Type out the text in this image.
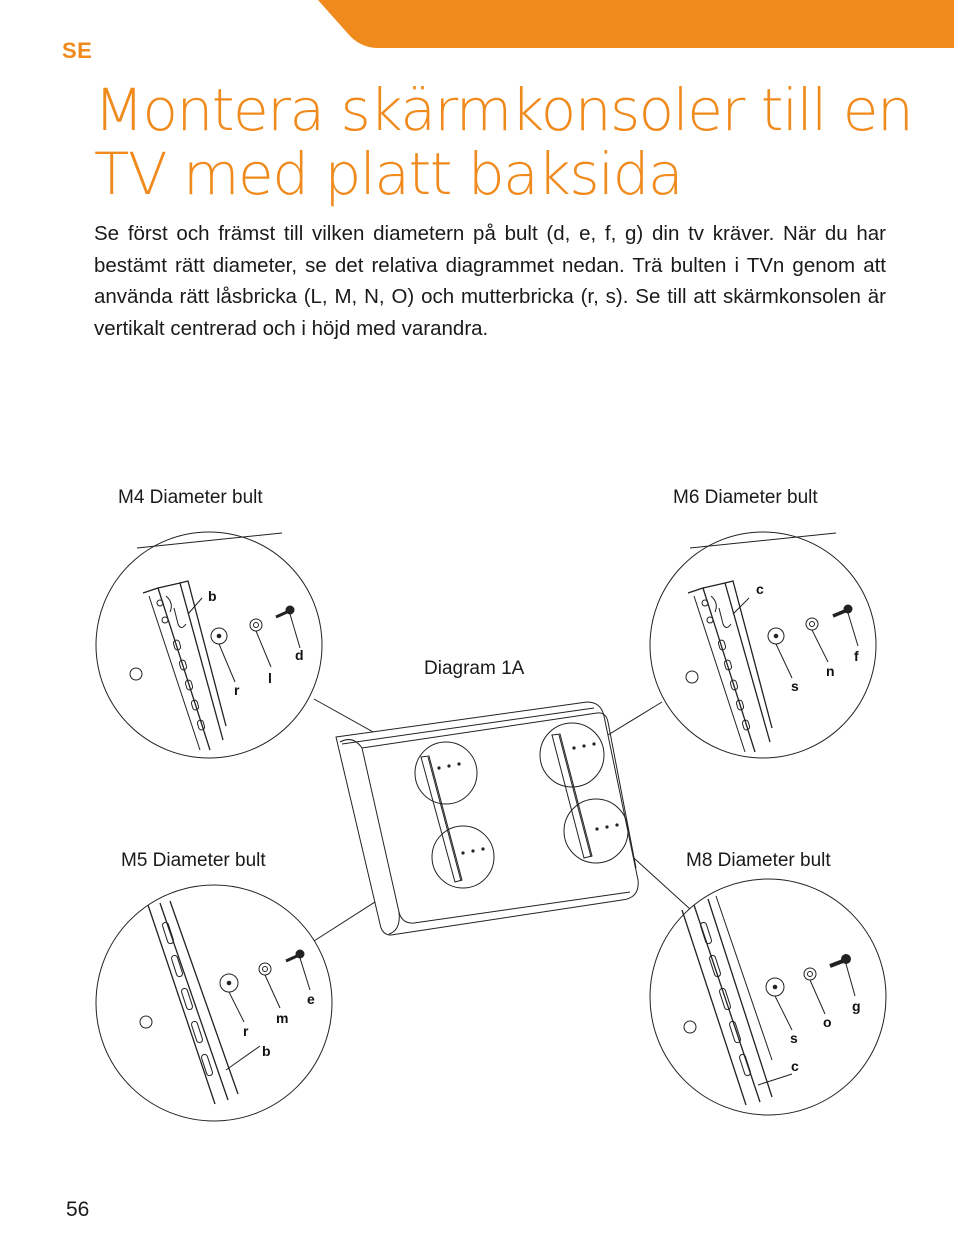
SE
Montera skärmkonsoler till en TV med platt baksida

Se först och främst till vilken diametern på bult (d, e, f, g) din tv kräver. När du har bestämt rätt diameter, se det relativa diagrammet nedan. Trä bulten i TVn genom att använda rätt låsbricka (L, M, N, O) och mutterbricka (r, s). Se till att skärmkonsolen är vertikalt centrerad och i höjd med varandra.

M4 Diameter bult	M6 Diameter bult
M5 Diameter bult	M8 Diameter bult
Diagram 1A
b
r
l
d
c
s
n
f
r
m
e
b
s
o
g
c
56
